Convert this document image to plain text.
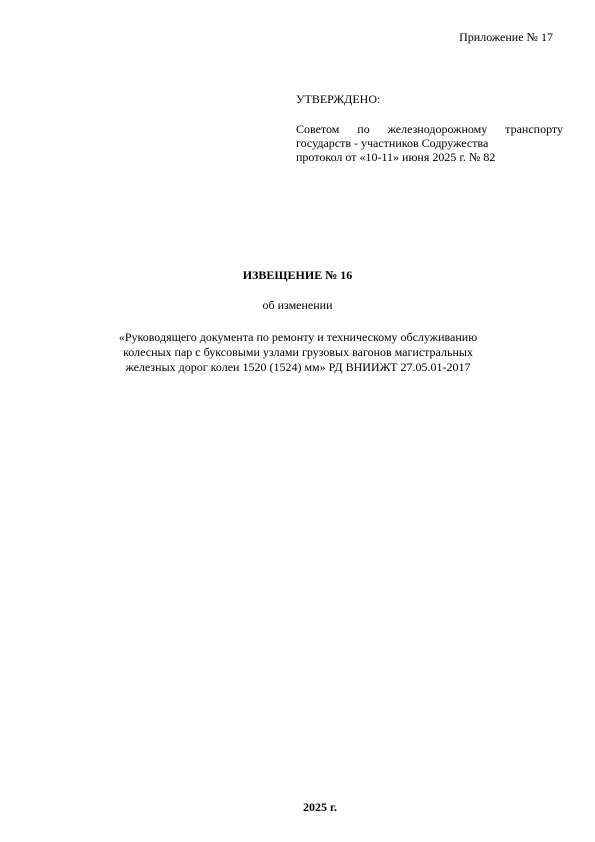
Приложение № 17
УТВЕРЖДЕНО:
Советом по железнодорожному транспорту
государств - участников Содружества
протокол от «10-11» июня 2025 г. № 82
ИЗВЕЩЕНИЕ № 16
об изменении
«Руководящего документа по ремонту и техническому обслуживанию
колесных пар с буксовыми узлами грузовых вагонов магистральных
железных дорог колеи 1520 (1524) мм» РД ВНИИЖТ 27.05.01-2017
2025 г.
